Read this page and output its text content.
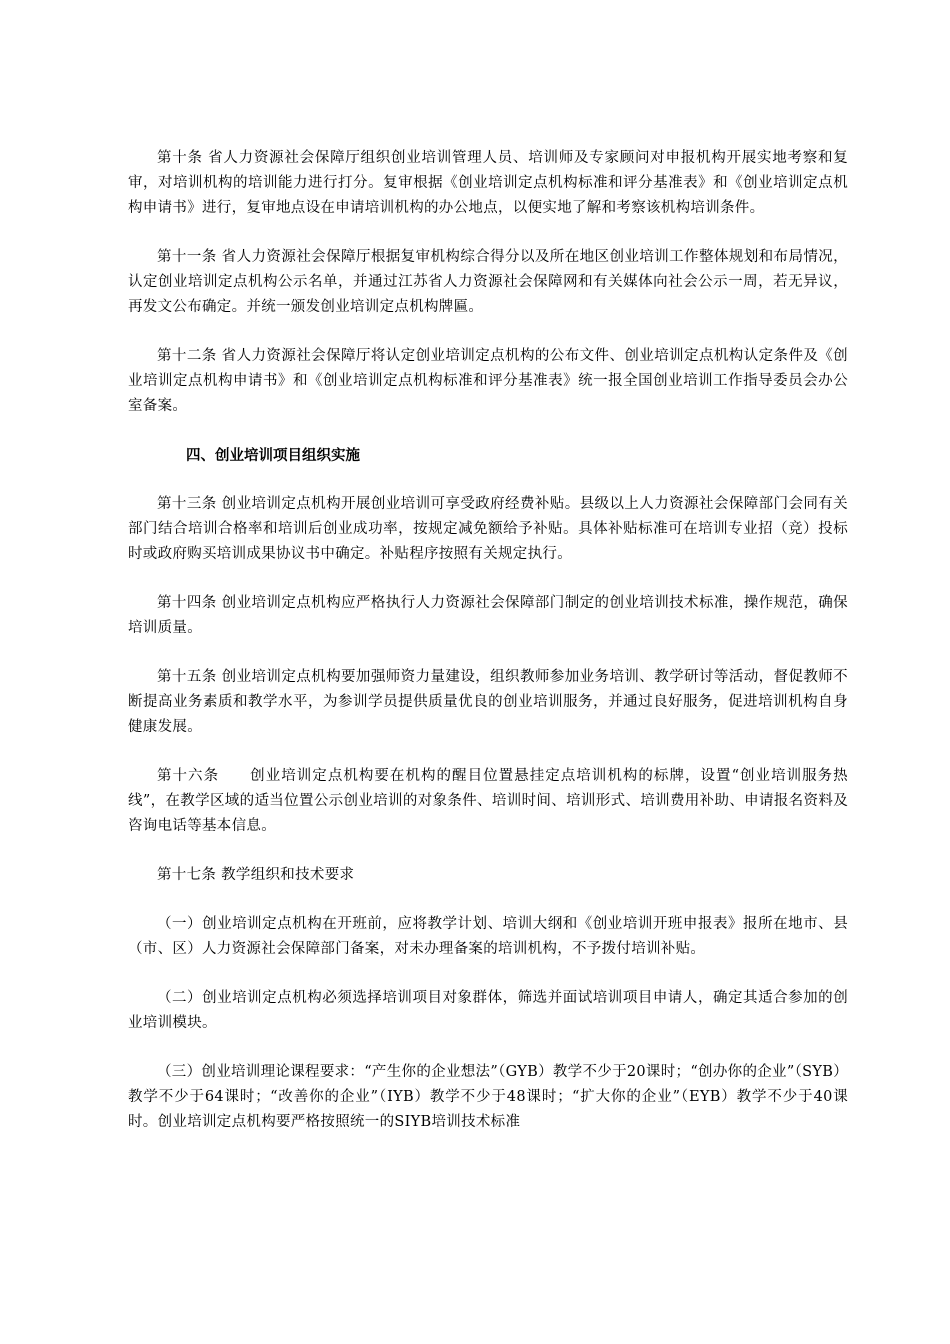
第十条 省人力资源社会保障厅组织创业培训管理人员、培训师及专家顾问对申报机构开展实地考察和复审，对培训机构的培训能力进行打分。复审根据《创业培训定点机构标准和评分基准表》和《创业培训定点机构申请书》进行，复审地点设在申请培训机构的办公地点，以便实地了解和考察该机构培训条件。

第十一条 省人力资源社会保障厅根据复审机构综合得分以及所在地区创业培训工作整体规划和布局情况，认定创业培训定点机构公示名单，并通过江苏省人力资源社会保障网和有关媒体向社会公示一周，若无异议，再发文公布确定。并统一颁发创业培训定点机构牌匾。

第十二条 省人力资源社会保障厅将认定创业培训定点机构的公布文件、创业培训定点机构认定条件及《创业培训定点机构申请书》和《创业培训定点机构标准和评分基准表》统一报全国创业培训工作指导委员会办公室备案。

四、创业培训项目组织实施

第十三条 创业培训定点机构开展创业培训可享受政府经费补贴。县级以上人力资源社会保障部门会同有关部门结合培训合格率和培训后创业成功率，按规定减免额给予补贴。具体补贴标准可在培训专业招（竞）投标时或政府购买培训成果协议书中确定。补贴程序按照有关规定执行。

第十四条 创业培训定点机构应严格执行人力资源社会保障部门制定的创业培训技术标准，操作规范，确保培训质量。

第十五条 创业培训定点机构要加强师资力量建设，组织教师参加业务培训、教学研讨等活动，督促教师不断提高业务素质和教学水平，为参训学员提供质量优良的创业培训服务，并通过良好服务，促进培训机构自身健康发展。

第十六条　　创业培训定点机构要在机构的醒目位置悬挂定点培训机构的标牌，设置“创业培训服务热线”，在教学区域的适当位置公示创业培训的对象条件、培训时间、培训形式、培训费用补助、申请报名资料及咨询电话等基本信息。

第十七条 教学组织和技术要求

（一）创业培训定点机构在开班前，应将教学计划、培训大纲和《创业培训开班申报表》报所在地市、县（市、区）人力资源社会保障部门备案，对未办理备案的培训机构，不予拨付培训补贴。

（二）创业培训定点机构必须选择培训项目对象群体，筛选并面试培训项目申请人，确定其适合参加的创业培训模块。

（三）创业培训理论课程要求：“产生你的企业想法”（GYB）教学不少于20课时；“创办你的企业”（SYB）教学不少于64课时；“改善你的企业”（IYB）教学不少于48课时；“扩大你的企业”（EYB）教学不少于40课时。创业培训定点机构要严格按照统一的SIYB培训技术标准
